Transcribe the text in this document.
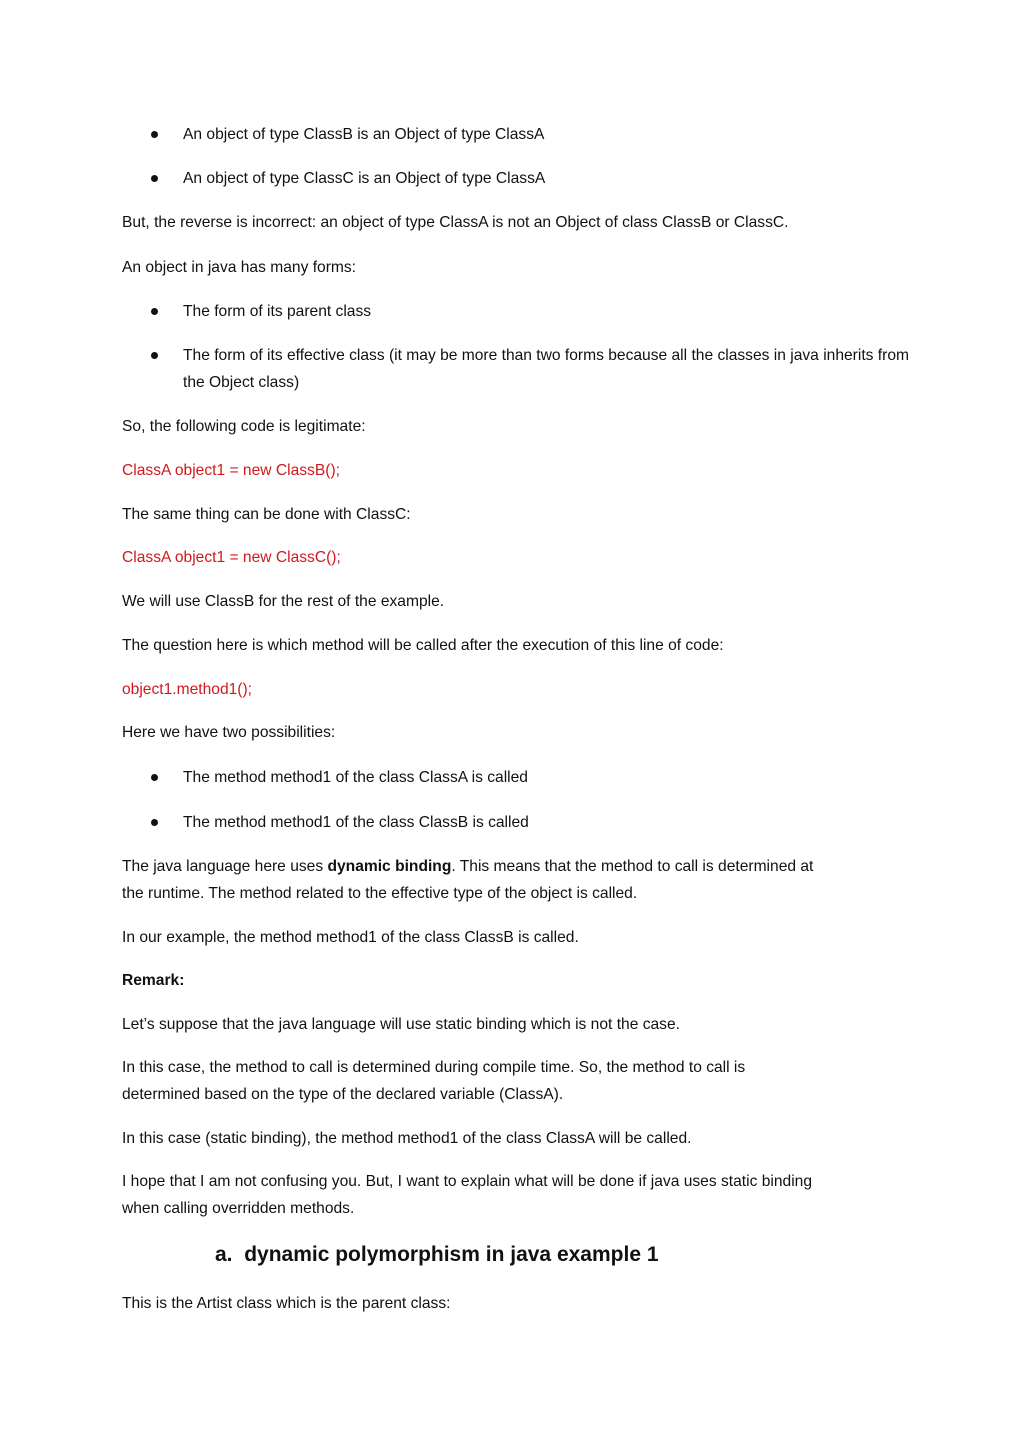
An object of type ClassB is an Object of type ClassA
An object of type ClassC is an Object of type ClassA
But, the reverse is incorrect: an object of type ClassA is not an Object of class ClassB or ClassC.
An object in java has many forms:
The form of its parent class
The form of its effective class (it may be more than two forms because all the classes in java inherits from the Object class)
So, the following code is legitimate:
ClassA object1 = new ClassB();
The same thing can be done with ClassC:
ClassA object1 = new ClassC();
We will use ClassB for the rest of the example.
The question here is which method will be called after the execution of this line of code:
object1.method1();
Here we have two possibilities:
The method method1 of the class ClassA is called
The method method1 of the class ClassB is called
The java language here uses dynamic binding. This means that the method to call is determined at
the runtime. The method related to the effective type of the object is called.
In our example, the method method1 of the class ClassB is called.
Remark:
Let’s suppose that the java language will use static binding which is not the case.
In this case, the method to call is determined during compile time. So, the method to call is
determined based on the type of the declared variable (ClassA).
In this case (static binding), the method method1 of the class ClassA will be called.
I hope that I am not confusing you. But, I want to explain what will be done if java uses static binding
when calling overridden methods.
a. dynamic polymorphism in java example 1
This is the Artist class which is the parent class:
